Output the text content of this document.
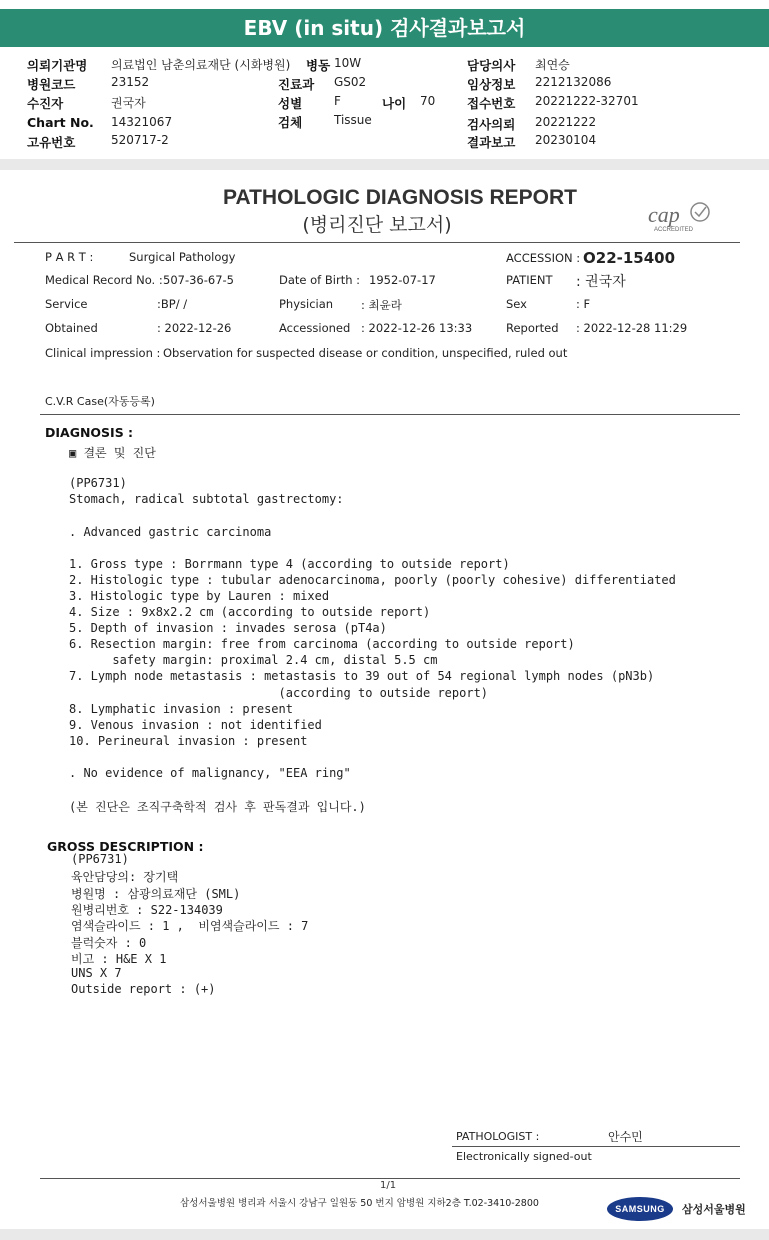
EBV (in situ) 검사결과보고서
의뢰기관명 의료법인 남춘의료재단 (시화병원) 병동 10W	담당의사 최연승
병원코드	23152	진료과 GS02	임상정보 2212132086
수진자	권국자	성별	F	나이 70	접수번호 20221222-32701
Chart No. 14321067	검체	Tissue	검사의뢰 20221222
고유번호	520717-2	결과보고 20230104
PATHOLOGIC DIAGNOSIS REPORT
(병리진단 보고서)	cap
ACCREDITED
P A R T :	Surgical Pathology	ACCESSION : O22-15400
Medical Record No. : 507-36-67-5	Date of Birth : 1952-07-17	PATIENT : 권국자
Service	:BP/ /	Physician : 최윤라	Sex	: F
Obtained	: 2022-12-26	Accessioned : 2022-12-26 13:33	Reported : 2022-12-28 11:29
Clinical impression : Observation for suspected disease or condition, unspecified, ruled out
C.V.R Case(자동등록)
DIAGNOSIS :
▣ 결론 및 진단
(PP6731)
Stomach, radical subtotal gastrectomy:
. Advanced gastric carcinoma
1. Gross type : Borrmann type 4 (according to outside report)
2. Histologic type : tubular adenocarcinoma, poorly (poorly cohesive) differentiated
3. Histologic type by Lauren : mixed
4. Size : 9x8x2.2 cm (according to outside report)
5. Depth of invasion : invades serosa (pT4a)
6. Resection margin: free from carcinoma (according to outside report)
safety margin: proximal 2.4 cm, distal 5.5 cm
7. Lymph node metastasis : metastasis to 39 out of 54 regional lymph nodes (pN3b)
(according to outside report)
8. Lymphatic invasion : present
9. Venous invasion : not identified
10. Perineural invasion : present
. No evidence of malignancy, "EEA ring"
(본 진단은 조직구축학적 검사 후 판독결과 입니다.)
GROSS DESCRIPTION :
(PP6731)
육안담당의: 장기택
병원명 : 삼광의료재단 (SML)
원병리번호 : S22-134039
염색슬라이드 : 1 ,  비염색슬라이드 : 7
블럭숫자 : 0
비고 : H&E X 1
UNS X 7
Outside report : (+)
PATHOLOGIST :	안수민
Electronically signed-out
1/1
삼성서울병원 병리과 서울시 강남구 일원동 50 번지 암병원 지하2층 T.02-3410-2800	SAMSUNG	삼성서울병원
